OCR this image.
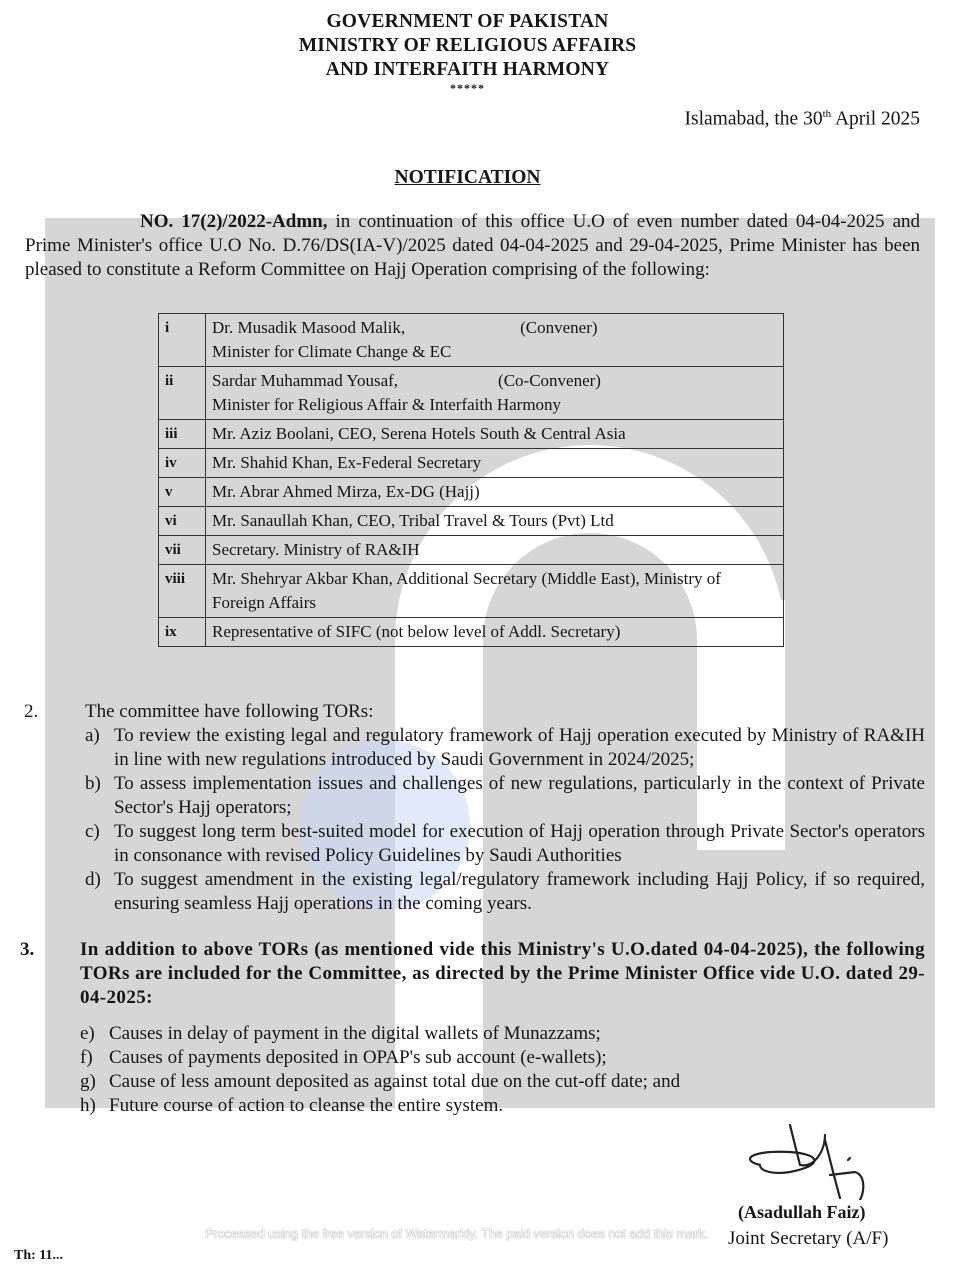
GOVERNMENT OF PAKISTAN
MINISTRY OF RELIGIOUS AFFAIRS
AND INTERFAITH HARMONY
*****
Islamabad, the 30th April 2025
NOTIFICATION
NO. 17(2)/2022-Admn, in continuation of this office U.O of even number dated 04-04-2025 and Prime Minister's office U.O No. D.76/DS(IA-V)/2025 dated 04-04-2025 and 29-04-2025, Prime Minister has been pleased to constitute a Reform Committee on Hajj Operation comprising of the following:
i	Dr. Musadik Masood Malik, (Convener)
Minister for Climate Change & EC

ii	Sardar Muhammad Yousaf, (Co-Convener)
Minister for Religious Affair & Interfaith Harmony

iii	Mr. Aziz Boolani, CEO, Serena Hotels South & Central Asia
iv	Mr. Shahid Khan, Ex-Federal Secretary
v	Mr. Abrar Ahmed Mirza, Ex-DG (Hajj)
vi	Mr. Sanaullah Khan, CEO, Tribal Travel & Tours (Pvt) Ltd
vii	Secretary. Ministry of RA&IH
viii	Mr. Shehryar Akbar Khan, Additional Secretary (Middle East), Ministry of Foreign Affairs
ix	Representative of SIFC (not below level of Addl. Secretary)
2. The committee have following TORs:
a) To review the existing legal and regulatory framework of Hajj operation executed by Ministry of RA&IH in line with new regulations introduced by Saudi Government in 2024/2025;
b) To assess implementation issues and challenges of new regulations, particularly in the context of Private Sector's Hajj operators;
c) To suggest long term best-suited model for execution of Hajj operation through Private Sector's operators in consonance with revised Policy Guidelines by Saudi Authorities
d) To suggest amendment in the existing legal/regulatory framework including Hajj Policy, if so required, ensuring seamless Hajj operations in the coming years.
3. In addition to above TORs (as mentioned vide this Ministry's U.O.dated 04-04-2025), the following TORs are included for the Committee, as directed by the Prime Minister Office vide U.O. dated 29-04-2025:
e) Causes in delay of payment in the digital wallets of Munazzams;
f) Causes of payments deposited in OPAP's sub account (e-wallets);
g) Cause of less amount deposited as against total due on the cut-off date; and
h) Future course of action to cleanse the entire system.
(Asadullah Faiz)
Joint Secretary (A/F)
Processed using the free version of Watermarkly. The paid version does not add this mark.
Th: 11...
